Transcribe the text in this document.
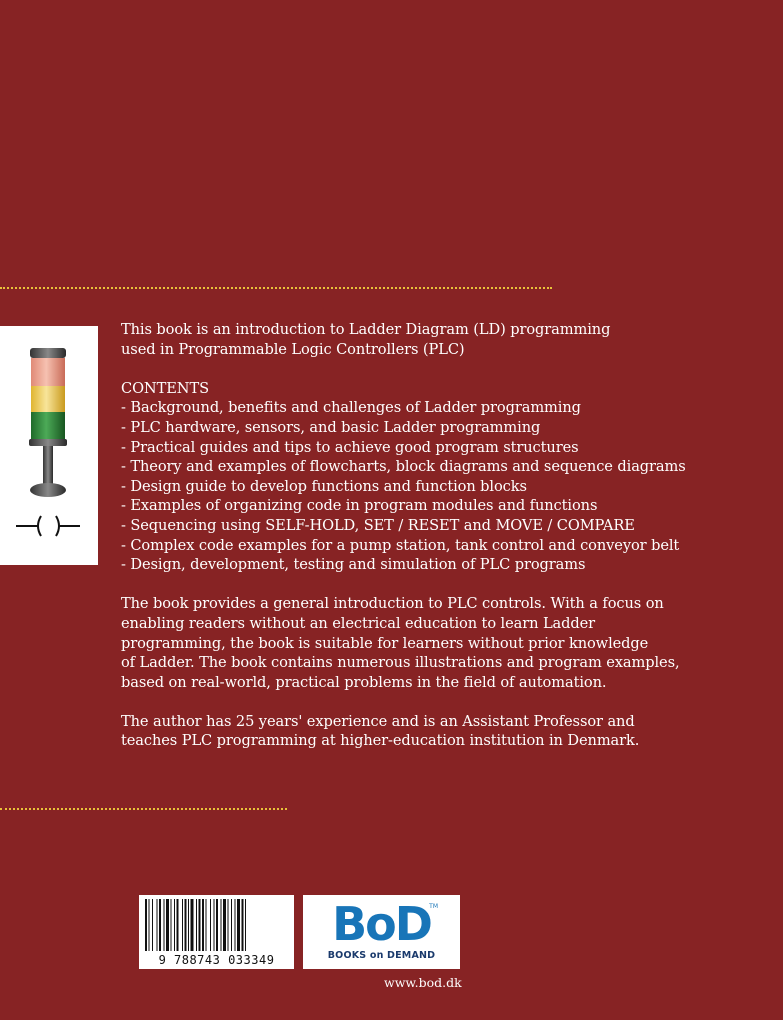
This book is an introduction to Ladder Diagram (LD) programming

used in Programmable Logic Controllers (PLC)

CONTENTS

- Background, benefits and challenges of Ladder programming

- PLC hardware, sensors, and basic Ladder programming

- Practical guides and tips to achieve good program structures

- Theory and examples of flowcharts, block diagrams and sequence diagrams

- Design guide to develop functions and function blocks

- Examples of organizing code in program modules and functions

- Sequencing using SELF-HOLD, SET / RESET and MOVE / COMPARE

- Complex code examples for a pump station, tank control and conveyor belt

- Design, development, testing and simulation of PLC programs

The book provides a general introduction to PLC controls. With a focus on

enabling readers without an electrical education to learn Ladder

programming, the book is suitable for learners without prior knowledge

of Ladder. The book contains numerous illustrations and program examples,

based on real-world, practical problems in the field of automation.

The author has 25 years' experience and is an Assistant Professor and

teaches PLC programming at higher-education institution in Denmark.

9 788743 033349
BoD
TM
BOOKS on DEMAND
www.bod.dk
